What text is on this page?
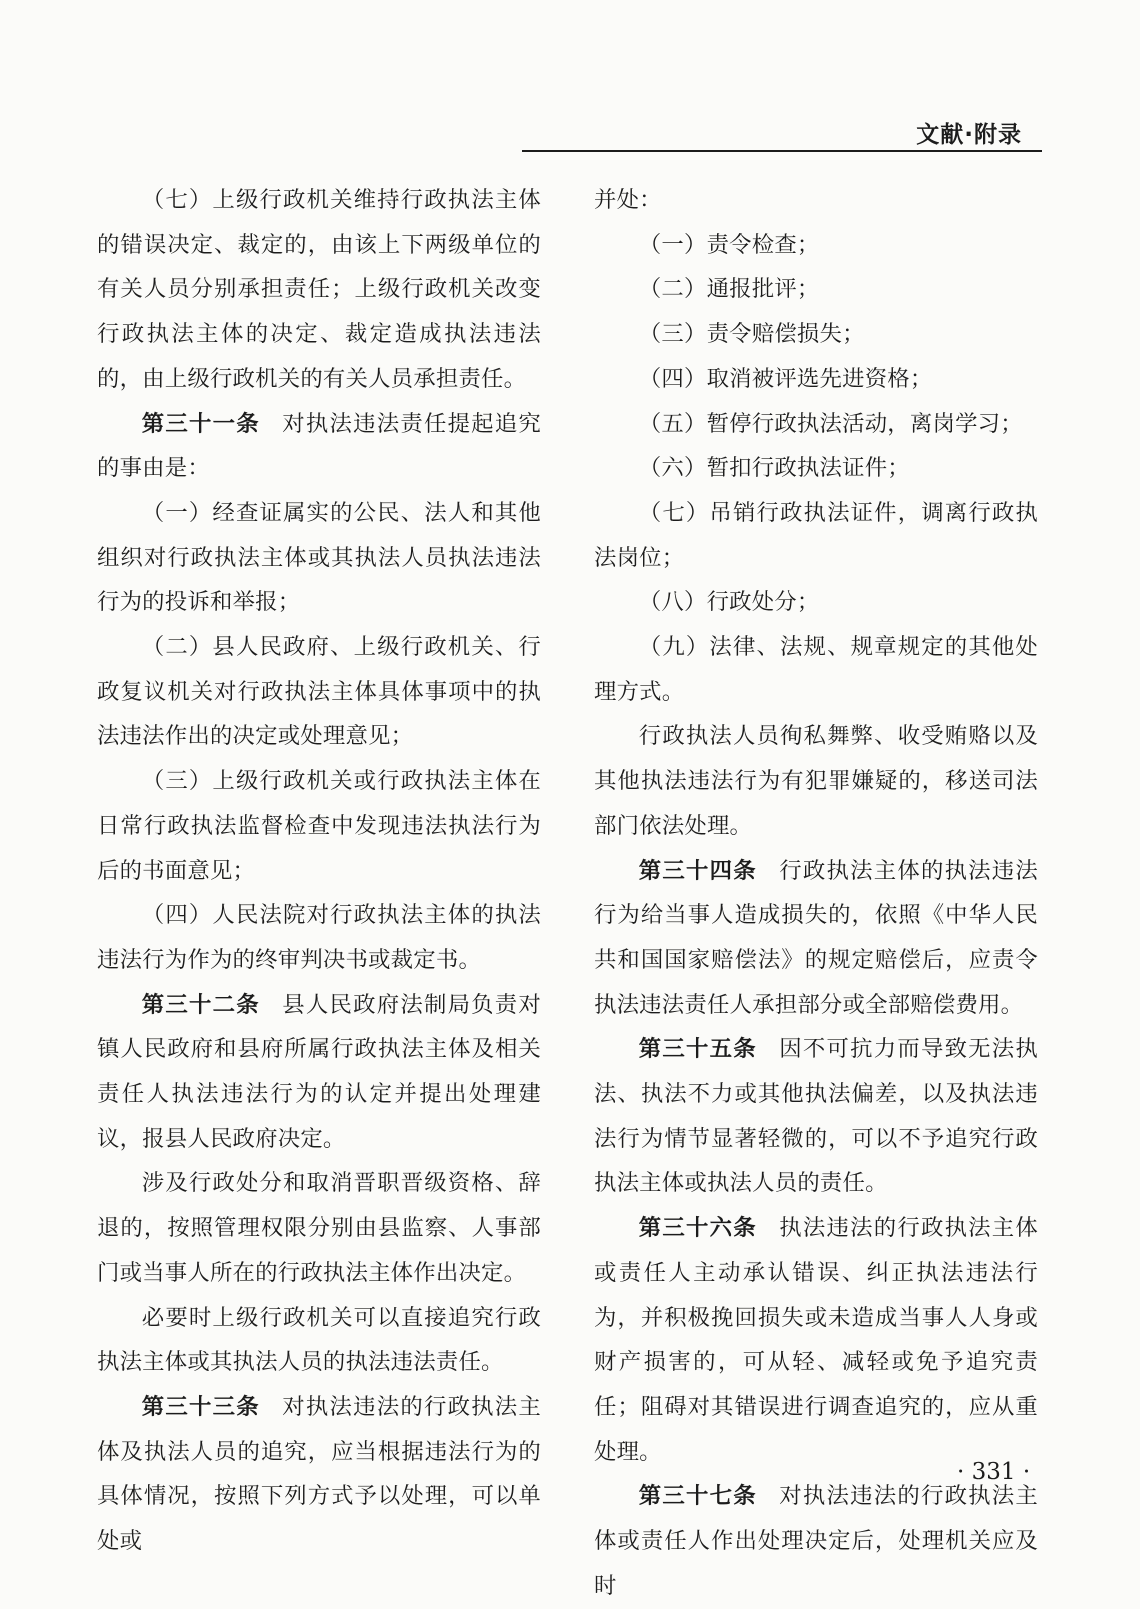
文献·附录

（七）上级行政机关维持行政执法主体的错误决定、裁定的，由该上下两级单位的有关人员分别承担责任；上级行政机关改变行政执法主体的决定、裁定造成执法违法的，由上级行政机关的有关人员承担责任。

第三十一条 对执法违法责任提起追究的事由是：

（一）经查证属实的公民、法人和其他组织对行政执法主体或其执法人员执法违法行为的投诉和举报；

（二）县人民政府、上级行政机关、行政复议机关对行政执法主体具体事项中的执法违法作出的决定或处理意见；

（三）上级行政机关或行政执法主体在日常行政执法监督检查中发现违法执法行为后的书面意见；

（四）人民法院对行政执法主体的执法违法行为作为的终审判决书或裁定书。

第三十二条 县人民政府法制局负责对镇人民政府和县府所属行政执法主体及相关责任人执法违法行为的认定并提出处理建议，报县人民政府决定。

涉及行政处分和取消晋职晋级资格、辞退的，按照管理权限分别由县监察、人事部门或当事人所在的行政执法主体作出决定。

必要时上级行政机关可以直接追究行政执法主体或其执法人员的执法违法责任。

第三十三条 对执法违法的行政执法主体及执法人员的追究，应当根据违法行为的具体情况，按照下列方式予以处理，可以单处或

并处：

（一）责令检查；

（二）通报批评；

（三）责令赔偿损失；

（四）取消被评选先进资格；

（五）暂停行政执法活动，离岗学习；

（六）暂扣行政执法证件；

（七）吊销行政执法证件，调离行政执法岗位；

（八）行政处分；

（九）法律、法规、规章规定的其他处理方式。

行政执法人员徇私舞弊、收受贿赂以及其他执法违法行为有犯罪嫌疑的，移送司法部门依法处理。

第三十四条 行政执法主体的执法违法行为给当事人造成损失的，依照《中华人民共和国国家赔偿法》的规定赔偿后，应责令执法违法责任人承担部分或全部赔偿费用。

第三十五条 因不可抗力而导致无法执法、执法不力或其他执法偏差，以及执法违法行为情节显著轻微的，可以不予追究行政执法主体或执法人员的责任。

第三十六条 执法违法的行政执法主体或责任人主动承认错误、纠正执法违法行为，并积极挽回损失或未造成当事人人身或财产损害的，可从轻、减轻或免予追究责任；阻碍对其错误进行调查追究的，应从重处理。

第三十七条 对执法违法的行政执法主体或责任人作出处理决定后，处理机关应及时

· 331 ·
